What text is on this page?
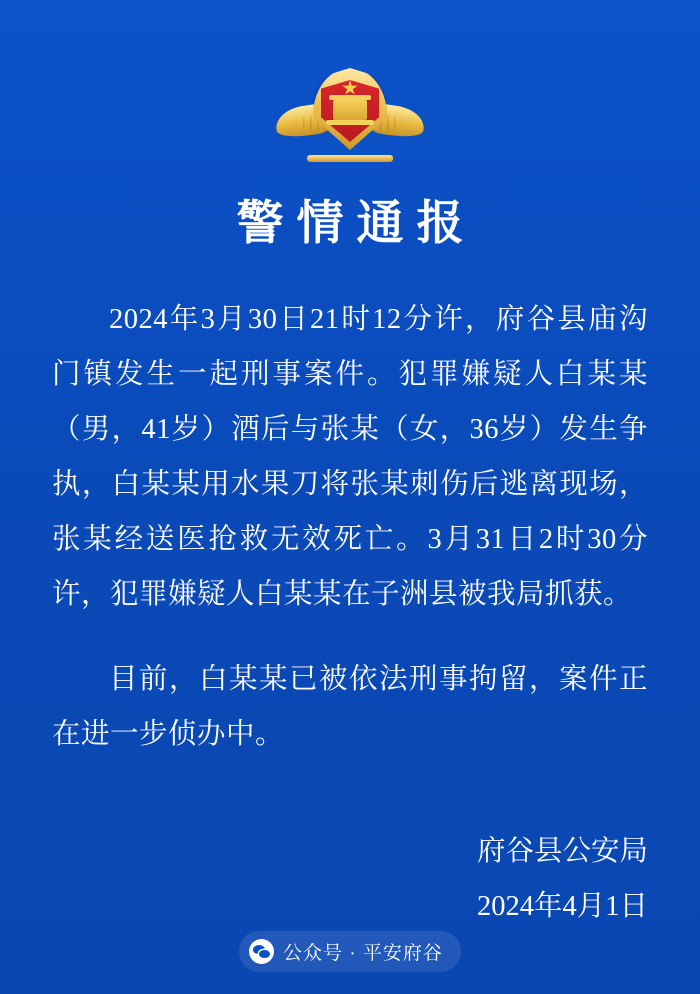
警情通报

2024年3月30日21时12分许，府谷县庙沟门镇发生一起刑事案件。犯罪嫌疑人白某某（男，41岁）酒后与张某（女，36岁）发生争执，白某某用水果刀将张某刺伤后逃离现场，张某经送医抢救无效死亡。3月31日2时30分许，犯罪嫌疑人白某某在子洲县被我局抓获。

目前，白某某已被依法刑事拘留，案件正在进一步侦办中。

府谷县公安局
2024年4月1日
公众号 · 平安府谷
